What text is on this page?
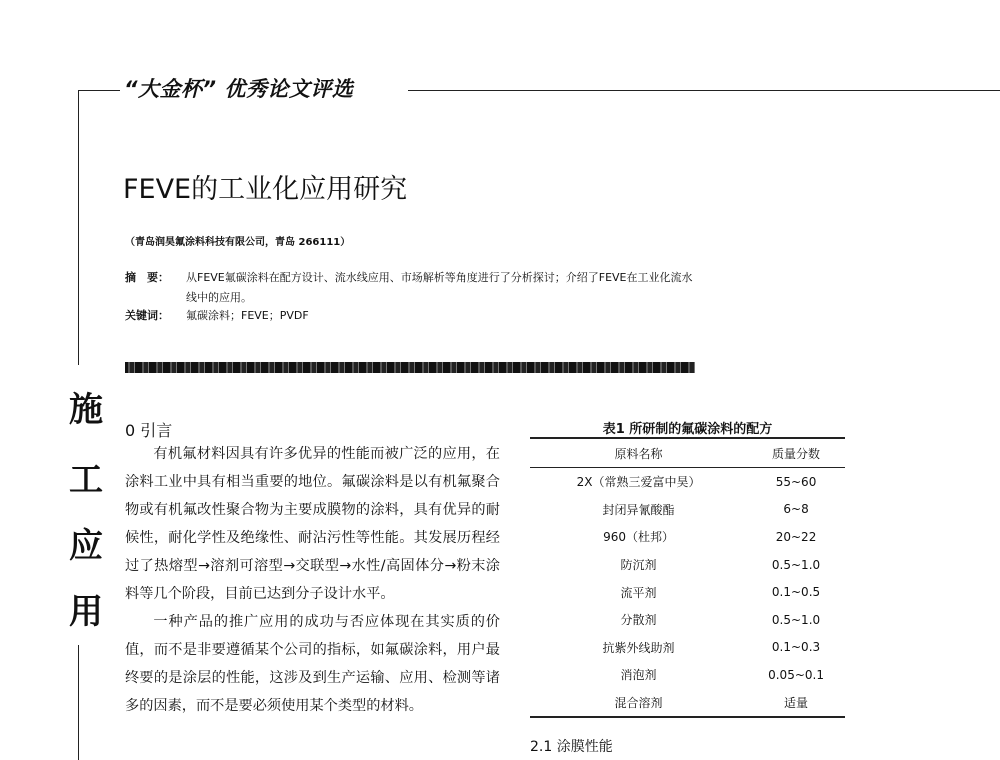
“大金杯” 优秀论文评选
FEVE的工业化应用研究
（青岛润昊氟涂料科技有限公司，青岛 266111）
摘　要： 从FEVE氟碳涂料在配方设计、流水线应用、市场解析等角度进行了分析探讨；介绍了FEVE在工业化流水
线中的应用。
关键词： 氟碳涂料；FEVE；PVDF
施
工
应
用
0 引言

有机氟材料因具有许多优异的性能而被广泛的应用，在涂料工业中具有相当重要的地位。氟碳涂料是以有机氟聚合物或有机氟改性聚合物为主要成膜物的涂料，具有优异的耐候性，耐化学性及绝缘性、耐沾污性等性能。其发展历程经过了热熔型→溶剂可溶型→交联型→水性/高固体分→粉末涂料等几个阶段，目前已达到分子设计水平。

一种产品的推广应用的成功与否应体现在其实质的价值，而不是非要遵循某个公司的指标，如氟碳涂料，用户最终要的是涂层的性能，这涉及到生产运输、应用、检测等诸多的因素，而不是要必须使用某个类型的材料。

表1 所研制的氟碳涂料的配方
原料名称	质量分数
2X（常熟三爱富中昊）	55~60
封闭异氰酸酯	6~8
960（杜邦）	20~22
防沉剂	0.5~1.0
流平剂	0.1~0.5
分散剂	0.5~1.0
抗紫外线助剂	0.1~0.3
消泡剂	0.05~0.1
混合溶剂	适量
2.1 涂膜性能
